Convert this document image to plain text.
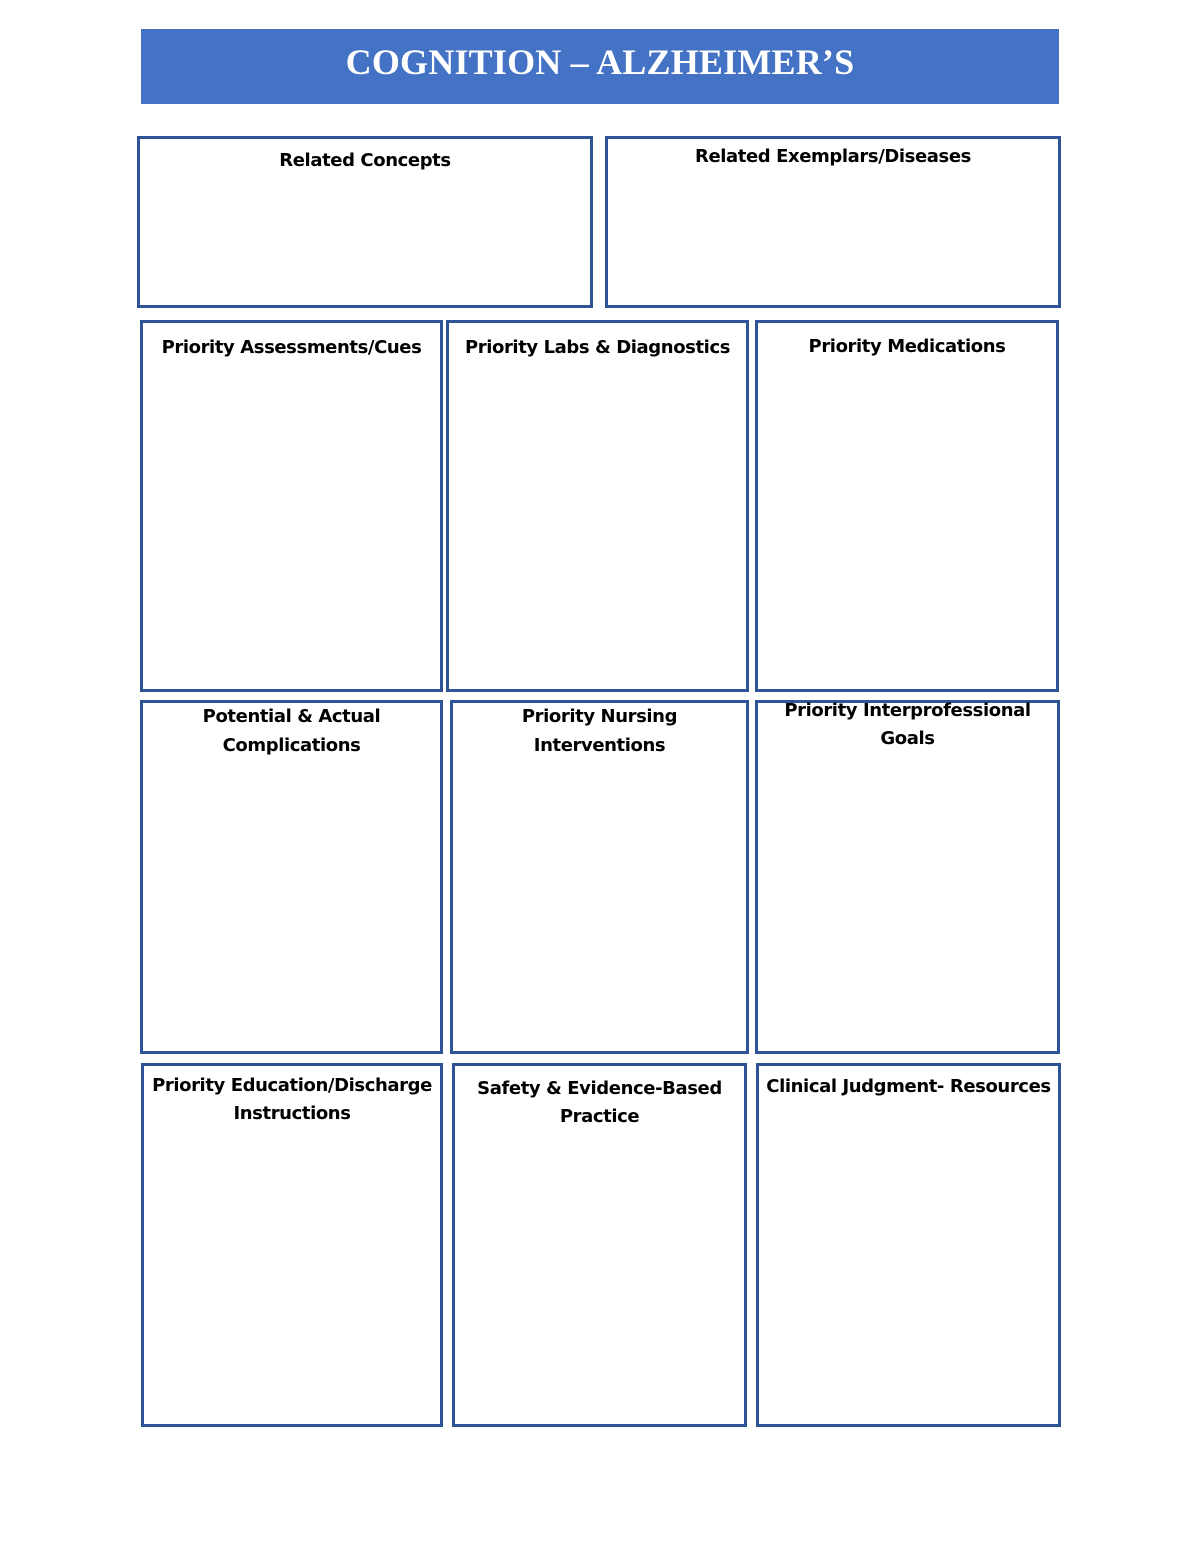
COGNITION – ALZHEIMER’S
Related Concepts	Related Exemplars/Diseases
Priority Assessments/Cues	Priority Labs & Diagnostics	Priority Medications
Potential & Actual
Complications
Priority Nursing Interventions
Priority Interprofessional
Goals
Priority Education/Discharge
Instructions
Safety & Evidence-Based
Practice
Clinical Judgment- Resources
